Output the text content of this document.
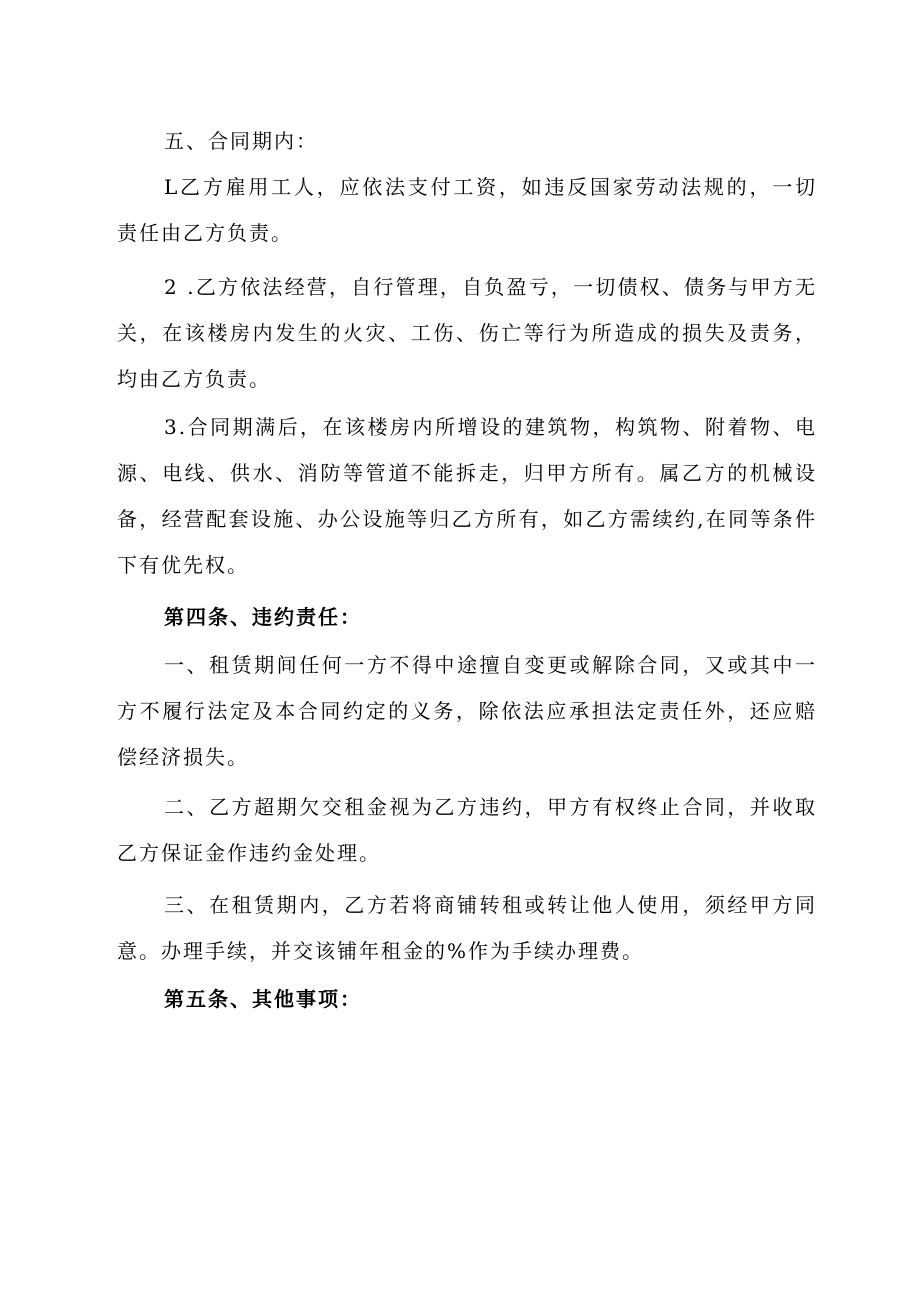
五、合同期内：

L乙方雇用工人，应依法支付工资，如违反国家劳动法规的，一切责任由乙方负责。

2 .乙方依法经营，自行管理，自负盈亏，一切债权、债务与甲方无关，在该楼房内发生的火灾、工伤、伤亡等行为所造成的损失及责务，均由乙方负责。

3.合同期满后，在该楼房内所增设的建筑物，构筑物、附着物、电源、电线、供水、消防等管道不能拆走，归甲方所有。属乙方的机械设备，经营配套设施、办公设施等归乙方所有，如乙方需续约,在同等条件下有优先权。

第四条、违约责任：

一、租赁期间任何一方不得中途擅自变更或解除合同，又或其中一方不履行法定及本合同约定的义务，除依法应承担法定责任外，还应赔偿经济损失。

二、乙方超期欠交租金视为乙方违约，甲方有权终止合同，并收取乙方保证金作违约金处理。

三、在租赁期内，乙方若将商铺转租或转让他人使用，须经甲方同意。办理手续，并交该铺年租金的%作为手续办理费。

第五条、其他事项：
